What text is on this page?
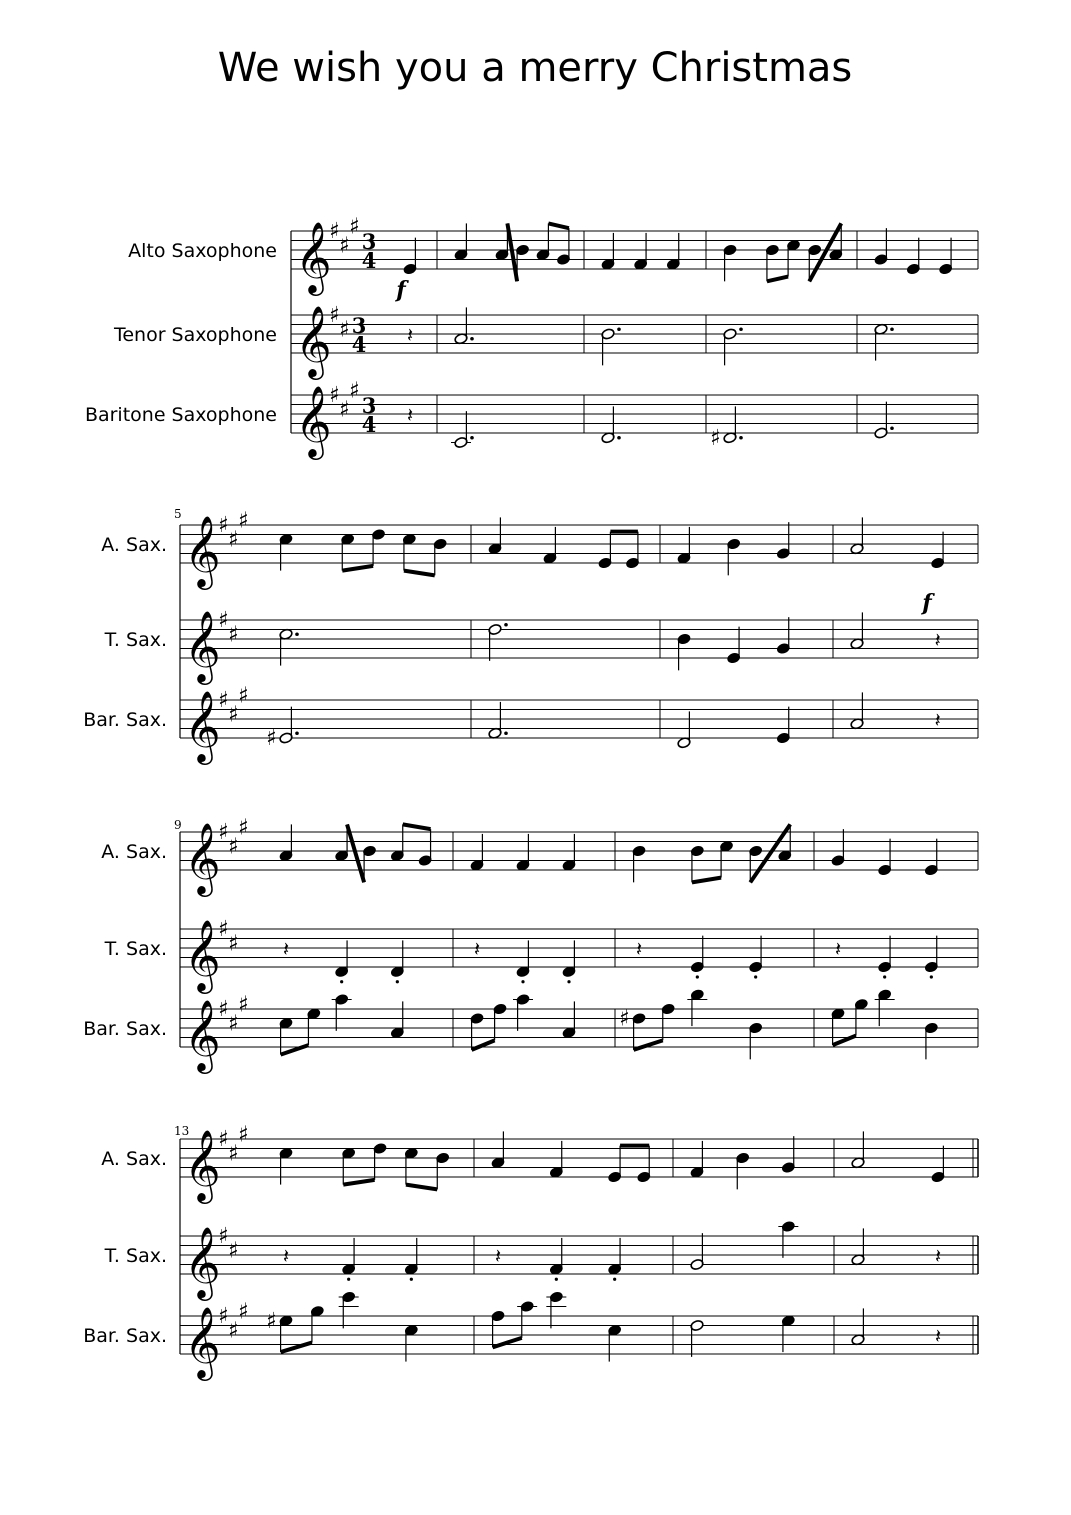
We wish you a merry Christmas
Alto Saxophone 𝄞
♯
♯
♯
3
4
Tenor Saxophone 𝄞
♯
♯ 3
4 𝄽
Baritone Saxophone 𝄞
♯
♯
♯
3
4 𝄽
♯
f
5
A. Sax. 𝄞
♯
♯
♯
T. Sax. 𝄞
♯
♯	𝄽
Bar. Sax. 𝄞
♯
♯
♯
♯
𝄽
f
9
A. Sax. 𝄞
♯
♯
♯
T. Sax. 𝄞
♯
♯ 𝄽	𝄽	𝄽	𝄽
Bar. Sax. 𝄞
♯
♯
♯
♯
13
A. Sax. 𝄞
♯
♯
♯
T. Sax. 𝄞
♯
♯ 𝄽	𝄽	𝄽
Bar. Sax. 𝄞
♯
♯
♯ ♯
𝄽
